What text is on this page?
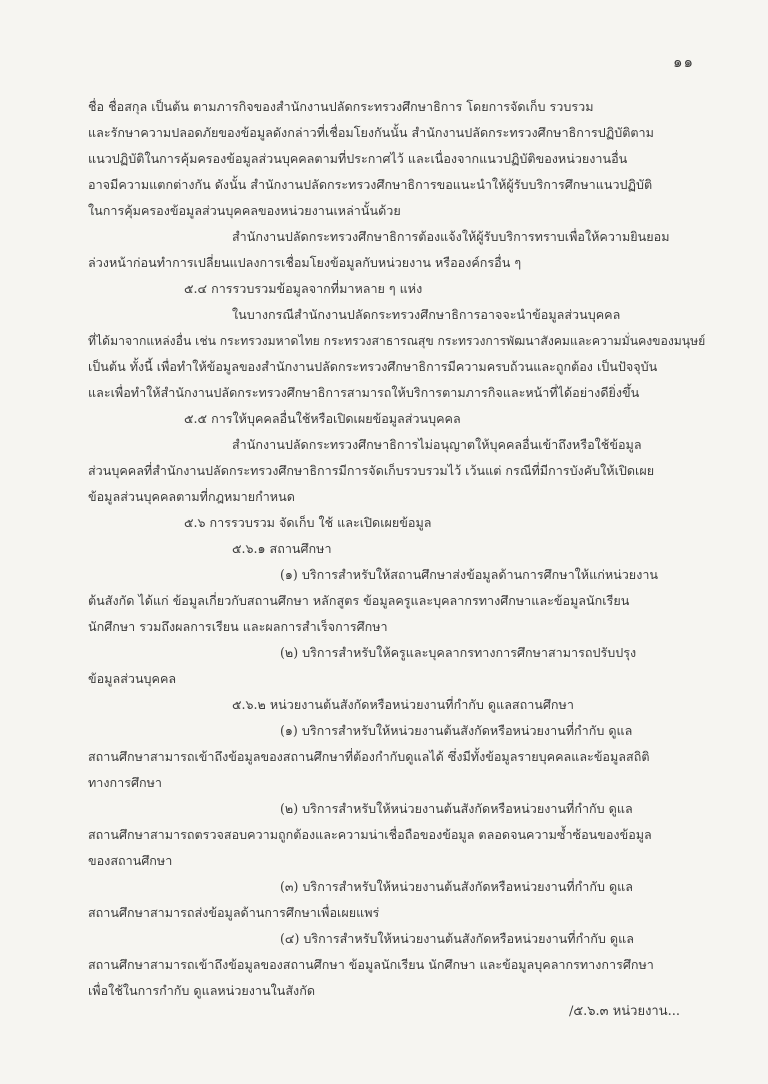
๑๑
ชื่อ ชื่อสกุล เป็นต้น ตามภารกิจของสำนักงานปลัดกระทรวงศึกษาธิการ โดยการจัดเก็บ รวบรวม
และรักษาความปลอดภัยของข้อมูลดังกล่าวที่เชื่อมโยงกันนั้น สำนักงานปลัดกระทรวงศึกษาธิการปฏิบัติตาม
แนวปฏิบัติในการคุ้มครองข้อมูลส่วนบุคคลตามที่ประกาศไว้ และเนื่องจากแนวปฏิบัติของหน่วยงานอื่น
อาจมีความแตกต่างกัน ดังนั้น สำนักงานปลัดกระทรวงศึกษาธิการขอแนะนำให้ผู้รับบริการศึกษาแนวปฏิบัติ
ในการคุ้มครองข้อมูลส่วนบุคคลของหน่วยงานเหล่านั้นด้วย
สำนักงานปลัดกระทรวงศึกษาธิการต้องแจ้งให้ผู้รับบริการทราบเพื่อให้ความยินยอม
ล่วงหน้าก่อนทำการเปลี่ยนแปลงการเชื่อมโยงข้อมูลกับหน่วยงาน หรือองค์กรอื่น ๆ
๕.๔ การรวบรวมข้อมูลจากที่มาหลาย ๆ แห่ง
ในบางกรณีสำนักงานปลัดกระทรวงศึกษาธิการอาจจะนำข้อมูลส่วนบุคคล
ที่ได้มาจากแหล่งอื่น เช่น กระทรวงมหาดไทย กระทรวงสาธารณสุข กระทรวงการพัฒนาสังคมและความมั่นคงของมนุษย์
เป็นต้น ทั้งนี้ เพื่อทำให้ข้อมูลของสำนักงานปลัดกระทรวงศึกษาธิการมีความครบถ้วนและถูกต้อง เป็นปัจจุบัน
และเพื่อทำให้สำนักงานปลัดกระทรวงศึกษาธิการสามารถให้บริการตามภารกิจและหน้าที่ได้อย่างดียิ่งขึ้น
๕.๕ การให้บุคคลอื่นใช้หรือเปิดเผยข้อมูลส่วนบุคคล
สำนักงานปลัดกระทรวงศึกษาธิการไม่อนุญาตให้บุคคลอื่นเข้าถึงหรือใช้ข้อมูล
ส่วนบุคคลที่สำนักงานปลัดกระทรวงศึกษาธิการมีการจัดเก็บรวบรวมไว้ เว้นแต่ กรณีที่มีการบังคับให้เปิดเผย
ข้อมูลส่วนบุคคลตามที่กฎหมายกำหนด
๕.๖ การรวบรวม จัดเก็บ ใช้ และเปิดเผยข้อมูล
๕.๖.๑ สถานศึกษา
(๑) บริการสำหรับให้สถานศึกษาส่งข้อมูลด้านการศึกษาให้แก่หน่วยงาน
ต้นสังกัด ได้แก่ ข้อมูลเกี่ยวกับสถานศึกษา หลักสูตร ข้อมูลครูและบุคลากรทางศึกษาและข้อมูลนักเรียน
นักศึกษา รวมถึงผลการเรียน และผลการสำเร็จการศึกษา
(๒) บริการสำหรับให้ครูและบุคลากรทางการศึกษาสามารถปรับปรุง
ข้อมูลส่วนบุคคล
๕.๖.๒ หน่วยงานต้นสังกัดหรือหน่วยงานที่กำกับ ดูแลสถานศึกษา
(๑) บริการสำหรับให้หน่วยงานต้นสังกัดหรือหน่วยงานที่กำกับ ดูแล
สถานศึกษาสามารถเข้าถึงข้อมูลของสถานศึกษาที่ต้องกำกับดูแลได้ ซึ่งมีทั้งข้อมูลรายบุคคลและข้อมูลสถิติ
ทางการศึกษา
(๒) บริการสำหรับให้หน่วยงานต้นสังกัดหรือหน่วยงานที่กำกับ ดูแล
สถานศึกษาสามารถตรวจสอบความถูกต้องและความน่าเชื่อถือของข้อมูล ตลอดจนความซ้ำซ้อนของข้อมูล
ของสถานศึกษา
(๓) บริการสำหรับให้หน่วยงานต้นสังกัดหรือหน่วยงานที่กำกับ ดูแล
สถานศึกษาสามารถส่งข้อมูลด้านการศึกษาเพื่อเผยแพร่
(๔) บริการสำหรับให้หน่วยงานต้นสังกัดหรือหน่วยงานที่กำกับ ดูแล
สถานศึกษาสามารถเข้าถึงข้อมูลของสถานศึกษา ข้อมูลนักเรียน นักศึกษา และข้อมูลบุคลากรทางการศึกษา
เพื่อใช้ในการกำกับ ดูแลหน่วยงานในสังกัด
/๕.๖.๓ หน่วยงาน...
